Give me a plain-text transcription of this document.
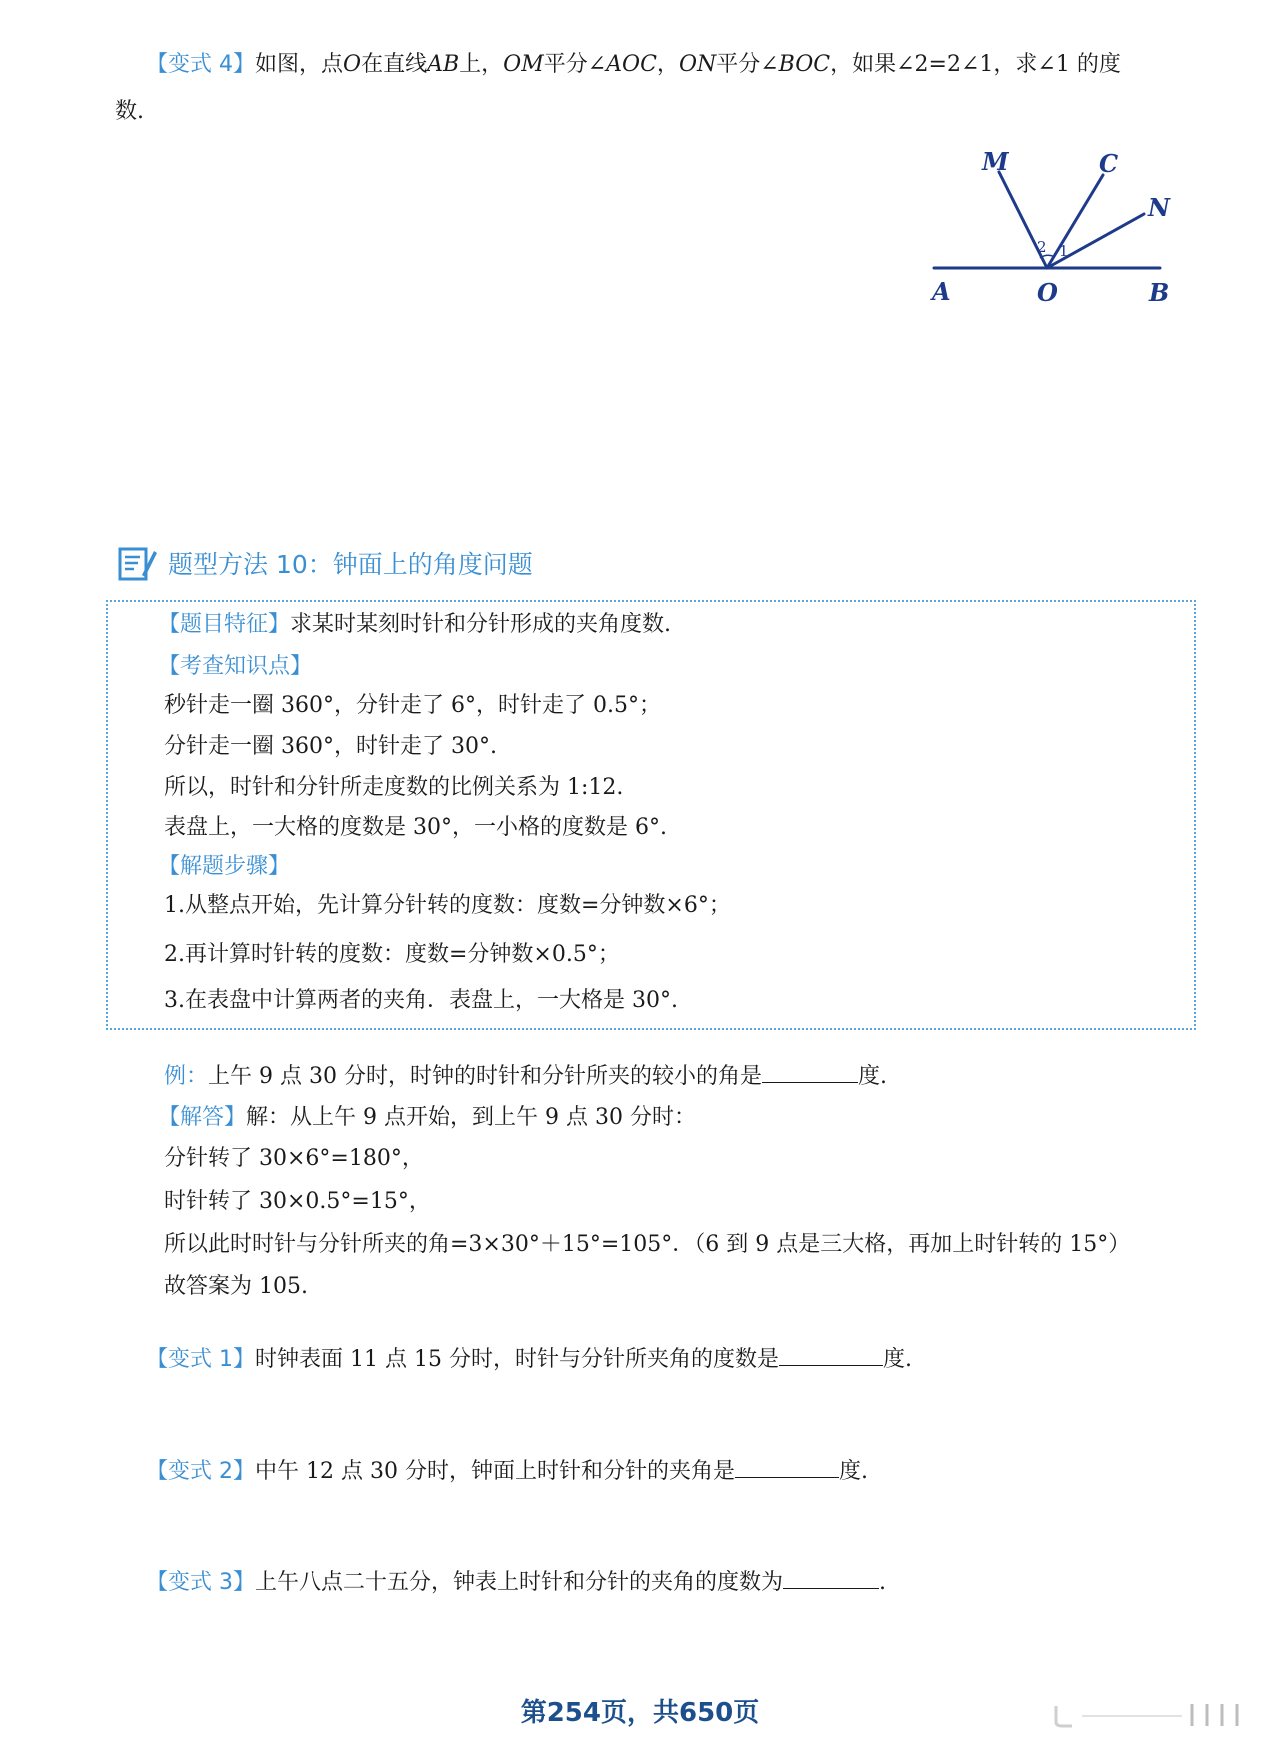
【变式 4】如图，点O在直线AB上，OM平分∠AOC，ON平分∠BOC，如果∠2=2∠1，求∠1 的度
数.
M	C
N
A	O	B
2 1
题型方法 10：钟面上的角度问题
【题目特征】求某时某刻时针和分针形成的夹角度数.
【考查知识点】
秒针走一圈 360°，分针走了 6°，时针走了 0.5°；
分针走一圈 360°，时针走了 30°.
所以，时针和分针所走度数的比例关系为 1:12.
表盘上，一大格的度数是 30°，一小格的度数是 6°.
【解题步骤】
1.从整点开始，先计算分针转的度数：度数=分钟数×6°；
2.再计算时针转的度数：度数=分钟数×0.5°；
3.在表盘中计算两者的夹角．表盘上，一大格是 30°.
例：上午 9 点 30 分时，时钟的时针和分针所夹的较小的角是	度.
【解答】解：从上午 9 点开始，到上午 9 点 30 分时：
分针转了 30×6°=180°，
时针转了 30×0.5°=15°，
所以此时时针与分针所夹的角=3×30°＋15°=105°．（6 到 9 点是三大格，再加上时针转的 15°）
故答案为 105.
【变式 1】时钟表面 11 点 15 分时，时针与分针所夹角的度数是	度.
【变式 2】中午 12 点 30 分时，钟面上时针和分针的夹角是	度.
【变式 3】上午八点二十五分，钟表上时针和分针的夹角的度数为	.
第254页，共650页
